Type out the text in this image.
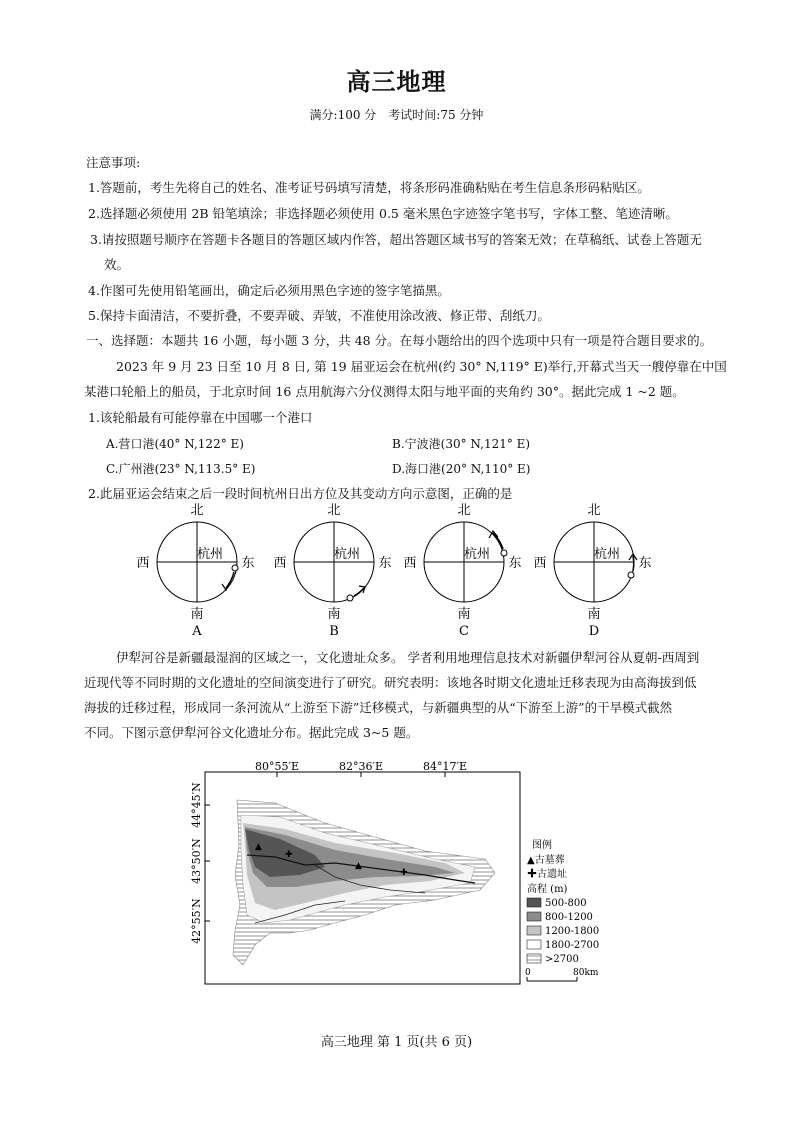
高三地理
满分:100 分　考试时间:75 分钟
注意事项:
1.答题前，考生先将自己的姓名、准考证号码填写清楚，将条形码准确粘贴在考生信息条形码粘贴区。
2.选择题必须使用 2B 铅笔填涂；非选择题必须使用 0.5 毫米黑色字迹签字笔书写，字体工整、笔迹清晰。
3.请按照题号顺序在答题卡各题目的答题区域内作答，超出答题区域书写的答案无效；在草稿纸、试卷上答题无
效。
4.作图可先使用铅笔画出，确定后必须用黑色字迹的签字笔描黑。
5.保持卡面清洁，不要折叠，不要弄破、弄皱，不准使用涂改液、修正带、刮纸刀。
一、选择题：本题共 16 小题，每小题 3 分，共 48 分。在每小题给出的四个选项中只有一项是符合题目要求的。
2023 年 9 月 23 日至 10 月 8 日, 第 19 届亚运会在杭州(约 30° N,119° E)举行,开幕式当天一艘停靠在中国
某港口轮船上的船员，于北京时间 16 点用航海六分仪测得太阳与地平面的夹角约 30°。据此完成 1 ~2 题。
1.该轮船最有可能停靠在中国哪一个港口
A.营口港(40° N,122° E)	B.宁波港(30° N,121° E)
C.广州港(23° N,113.5° E)	D.海口港(20° N,110° E)
2.此届亚运会结束之后一段时间杭州日出方位及其变动方向示意图，正确的是
北
南
西	东
杭州
A
北
南
西	东
杭州
B
北
南
西	东
杭州
C
北
南
西	东
杭州
D
伊犁河谷是新疆最湿润的区域之一，文化遗址众多。 学者利用地理信息技术对新疆伊犁河谷从夏朝-西周到
近现代等不同时期的文化遗址的空间演变进行了研究。研究表明：该地各时期文化遗址迁移表现为由高海拔到低
海拔的迁移过程，形成同一条河流从“上游至下游”迁移模式，与新疆典型的从“下游至上游”的干旱模式截然
不同。下图示意伊犁河谷文化遗址分布。据此完成 3~5 题。
80°55′E	82°36′E	84°17′E
44°45′N
43°50′N
42°55′N
▲
▲
✚
✚
图例
▲古墓葬
✚古遗址
高程 (m)
500-800
800-1200
1200-1800
1800-2700
>2700
0	80km
高三地理 第 1 页(共 6 页)
